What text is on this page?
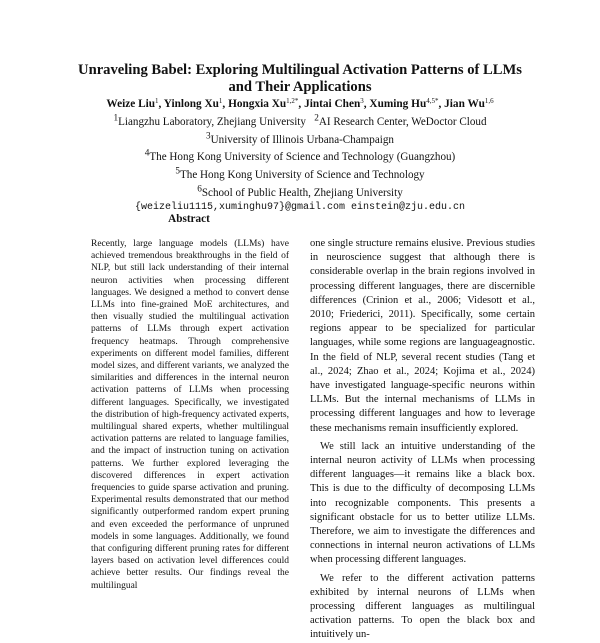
Unraveling Babel: Exploring Multilingual Activation Patterns of LLMs
and Their Applications
Weize Liu$^1$, Yinlong Xu$^1$, Hongxia $Xu^{1,2*}$, Jintai Chen$^3$, Xuming $Hu^{4,5*}$, Jian Wu$^{1,6}$
$^1$Liangzhu Laboratory, Zhejiang University $^2$AI Research Center, WeDoctor Cloud
$^3$University of Illinois Urbana-Champaign
$^4$The Hong Kong University of Science and Technology (Guangzhou)
$^5$The Hong Kong University of Science and Technology
$^6$School of Public Health, Zhejiang University
{weizeliu1115,xuminghu97}@gmail.com einstein@zju.edu.cn
Abstract

Recently, large language models (LLMs) have achieved tremendous breakthroughs in the field of NLP, but still lack understanding of their internal neuron activities when processing different languages. We designed a method to convert dense LLMs into fine-grained MoE architectures, and then visually studied the multilingual activation patterns of LLMs through expert activation frequency heatmaps. Through comprehensive experiments on different model families, different model sizes, and different variants, we analyzed the similarities and differences in the internal neuron activation patterns of LLMs when processing different languages. Specifically, we investigated the distribution of high-frequency activated experts, multilingual shared experts, whether multilingual activation patterns are related to language families, and the impact of instruction tuning on activation patterns. We further explored leveraging the discovered differences in expert activation frequencies to guide sparse activation and pruning. Experimental results demonstrated that our method significantly outperformed random expert pruning and even exceeded the performance of unpruned models in some languages. Additionally, we found that configuring different pruning rates for different layers based on activation level differences could achieve better results. Our findings reveal the multilingual

one single structure remains elusive. Previous studies in neuroscience suggest that although there is considerable overlap in the brain regions involved in processing different languages, there are discernible differences (Crinion et al., 2006; Videsott et al., 2010; Friederici, 2011). Specifically, some certain regions appear to be specialized for particular languages, while some regions are languageagnostic. In the field of NLP, several recent studies (Tang et al., 2024; Zhao et al., 2024; Kojima et al., 2024) have investigated language-specific neurons within LLMs. But the internal mechanisms of LLMs in processing different languages and how to leverage these mechanisms remain insufficiently explored.

We still lack an intuitive understanding of the internal neuron activity of LLMs when processing different languages—it remains like a black box. This is due to the difficulty of decomposing LLMs into recognizable components. This presents a significant obstacle for us to better utilize LLMs. Therefore, we aim to investigate the differences and connections in internal neuron activations of LLMs when processing different languages.

We refer to the different activation patterns exhibited by internal neurons of LLMs when processing different languages as multilingual activation patterns. To open the black box and intuitively un-
